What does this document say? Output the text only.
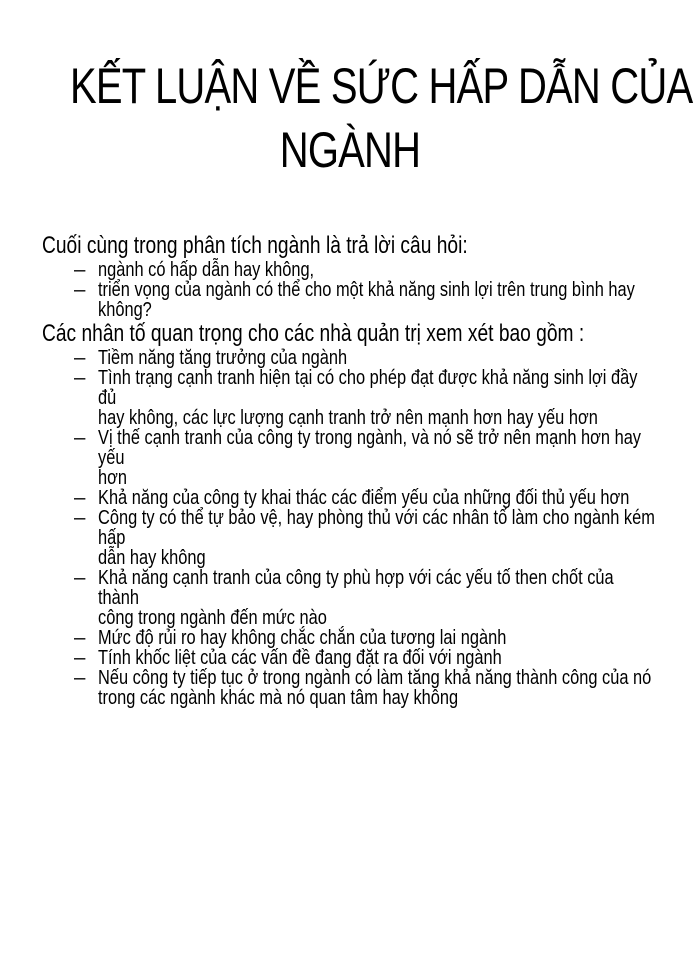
KẾT LUẬN VỀ SỨC HẤP DẪN CỦA
NGÀNH

Cuối cùng trong phân tích ngành là trả lời câu hỏi:

– ngành có hấp dẫn hay không,
– triển vọng của ngành có thể cho một khả năng sinh lợi trên trung bình hay
không?

Các nhân tố quan trọng cho các nhà quản trị xem xét bao gồm :

– Tiềm năng tăng trưởng của ngành
– Tình trạng cạnh tranh hiện tại có cho phép đạt được khả năng sinh lợi đầy đủ
hay không, các lực lượng cạnh tranh trở nên mạnh hơn hay yếu hơn
– Vị thế cạnh tranh của công ty trong ngành, và nó sẽ trở nên mạnh hơn hay yếu
hơn
– Khả năng của công ty khai thác các điểm yếu của những đối thủ yếu hơn
– Công ty có thể tự bảo vệ, hay phòng thủ với các nhân tố làm cho ngành kém hấp
dẫn hay không
– Khả năng cạnh tranh của công ty phù hợp với các yếu tố then chốt của thành
công trong ngành đến mức nào
– Mức độ rủi ro hay không chắc chắn của tương lai ngành
– Tính khốc liệt của các vấn đề đang đặt ra đối với ngành
– Nếu công ty tiếp tục ở trong ngành có làm tăng khả năng thành công của nó
trong các ngành khác mà nó quan tâm hay không
